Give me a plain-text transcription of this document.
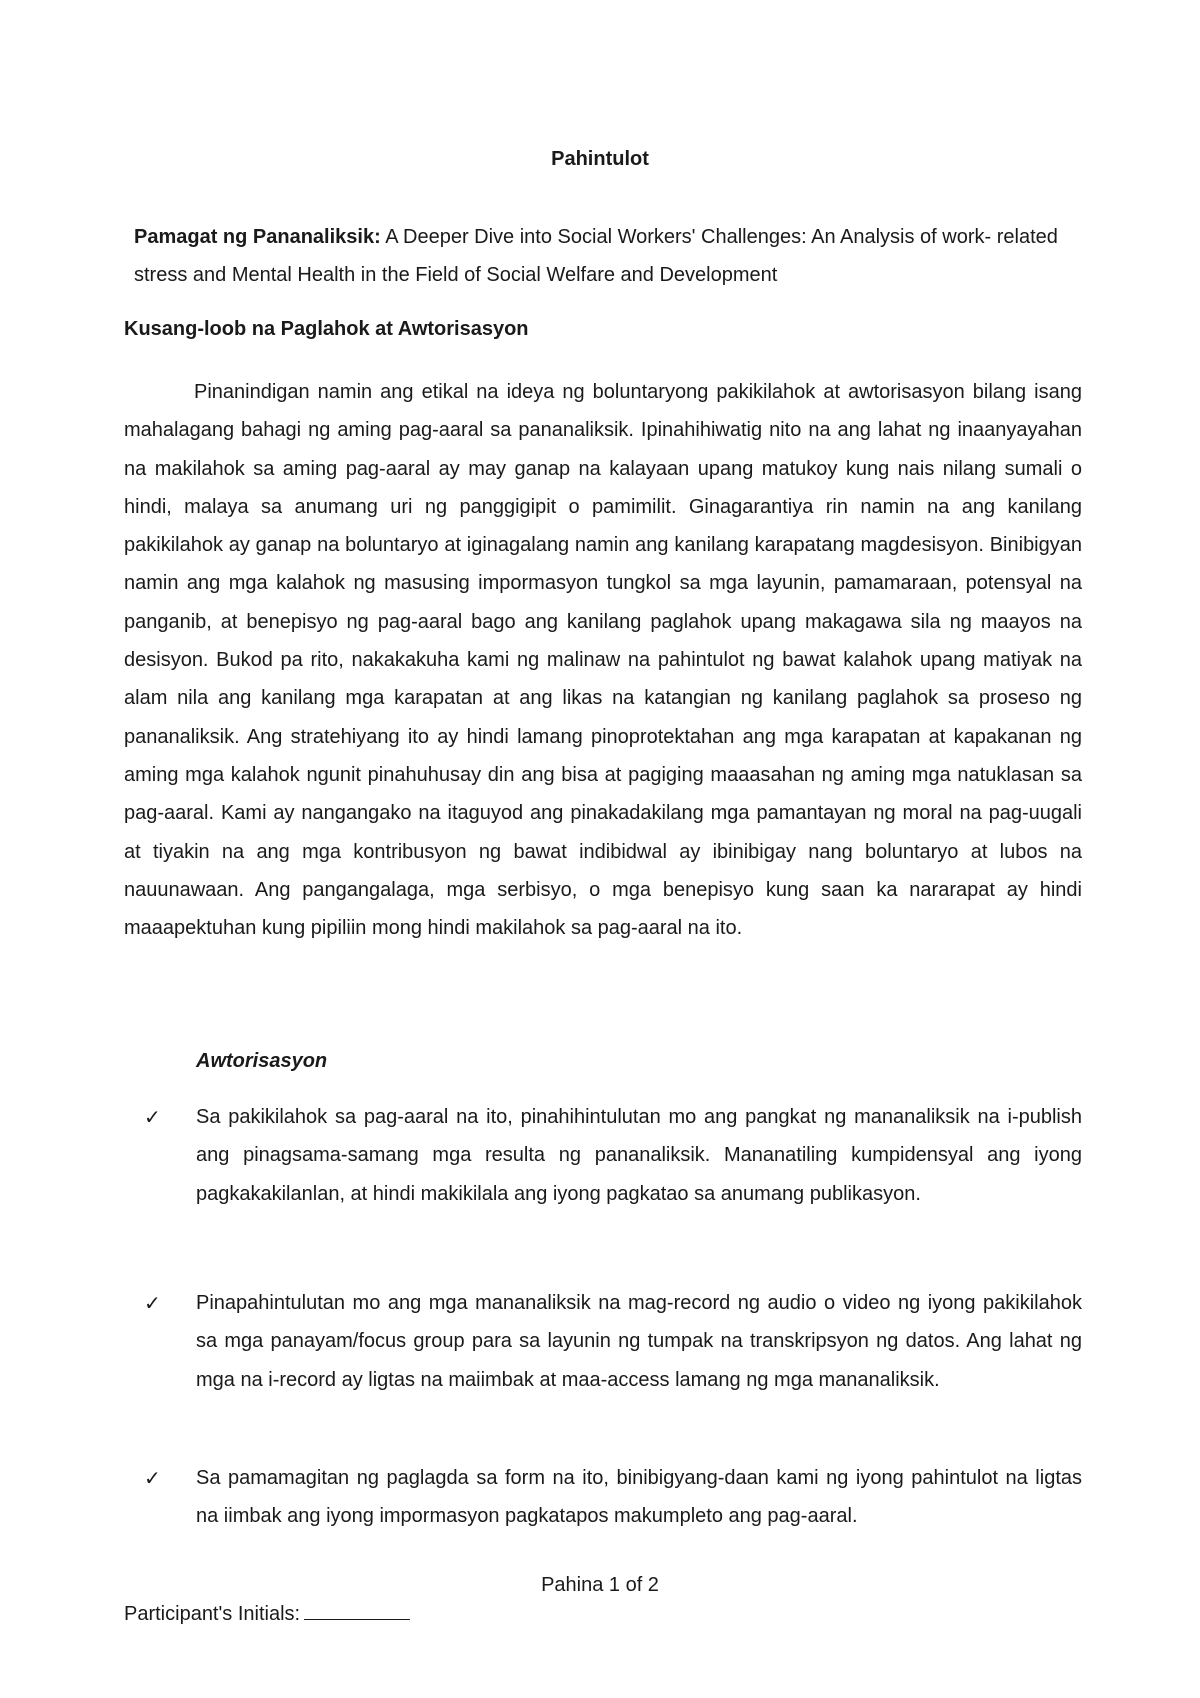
Pahintulot
Pamagat ng Pananaliksik: A Deeper Dive into Social Workers' Challenges: An Analysis of work- related stress and Mental Health in the Field of Social Welfare and Development
Kusang-loob na Paglahok at Awtorisasyon

Pinanindigan namin ang etikal na ideya ng boluntaryong pakikilahok at awtorisasyon bilang isang mahalagang bahagi ng aming pag-aaral sa pananaliksik. Ipinahihiwatig nito na ang lahat ng inaanyayahan na makilahok sa aming pag-aaral ay may ganap na kalayaan upang matukoy kung nais nilang sumali o hindi, malaya sa anumang uri ng panggigipit o pamimilit. Ginagarantiya rin namin na ang kanilang pakikilahok ay ganap na boluntaryo at iginagalang namin ang kanilang karapatang magdesisyon. Binibigyan namin ang mga kalahok ng masusing impormasyon tungkol sa mga layunin, pamamaraan, potensyal na panganib, at benepisyo ng pag-aaral bago ang kanilang paglahok upang makagawa sila ng maayos na desisyon. Bukod pa rito, nakakakuha kami ng malinaw na pahintulot ng bawat kalahok upang matiyak na alam nila ang kanilang mga karapatan at ang likas na katangian ng kanilang paglahok sa proseso ng pananaliksik. Ang stratehiyang ito ay hindi lamang pinoprotektahan ang mga karapatan at kapakanan ng aming mga kalahok ngunit pinahuhusay din ang bisa at pagiging maaasahan ng aming mga natuklasan sa pag-aaral. Kami ay nangangako na itaguyod ang pinakadakilang mga pamantayan ng moral na pag-uugali at tiyakin na ang mga kontribusyon ng bawat indibidwal ay ibinibigay nang boluntaryo at lubos na nauunawaan. Ang pangangalaga, mga serbisyo, o mga benepisyo kung saan ka nararapat ay hindi maaapektuhan kung pipiliin mong hindi makilahok sa pag-aaral na ito.

Awtorisasyon
✓	Sa pakikilahok sa pag-aaral na ito, pinahihintulutan mo ang pangkat ng mananaliksik na i-publish ang pinagsama-samang mga resulta ng pananaliksik. Mananatiling kumpidensyal ang iyong pagkakakilanlan, at hindi makikilala ang iyong pagkatao sa anumang publikasyon.
✓	Pinapahintulutan mo ang mga mananaliksik na mag-record ng audio o video ng iyong pakikilahok sa mga panayam/focus group para sa layunin ng tumpak na transkripsyon ng datos. Ang lahat ng mga na i-record ay ligtas na maiimbak at maa-access lamang ng mga mananaliksik.
✓	Sa pamamagitan ng paglagda sa form na ito, binibigyang-daan kami ng iyong pahintulot na ligtas na iimbak ang iyong impormasyon pagkatapos makumpleto ang pag-aaral.
Pahina 1 of 2
Participant's Initials:
